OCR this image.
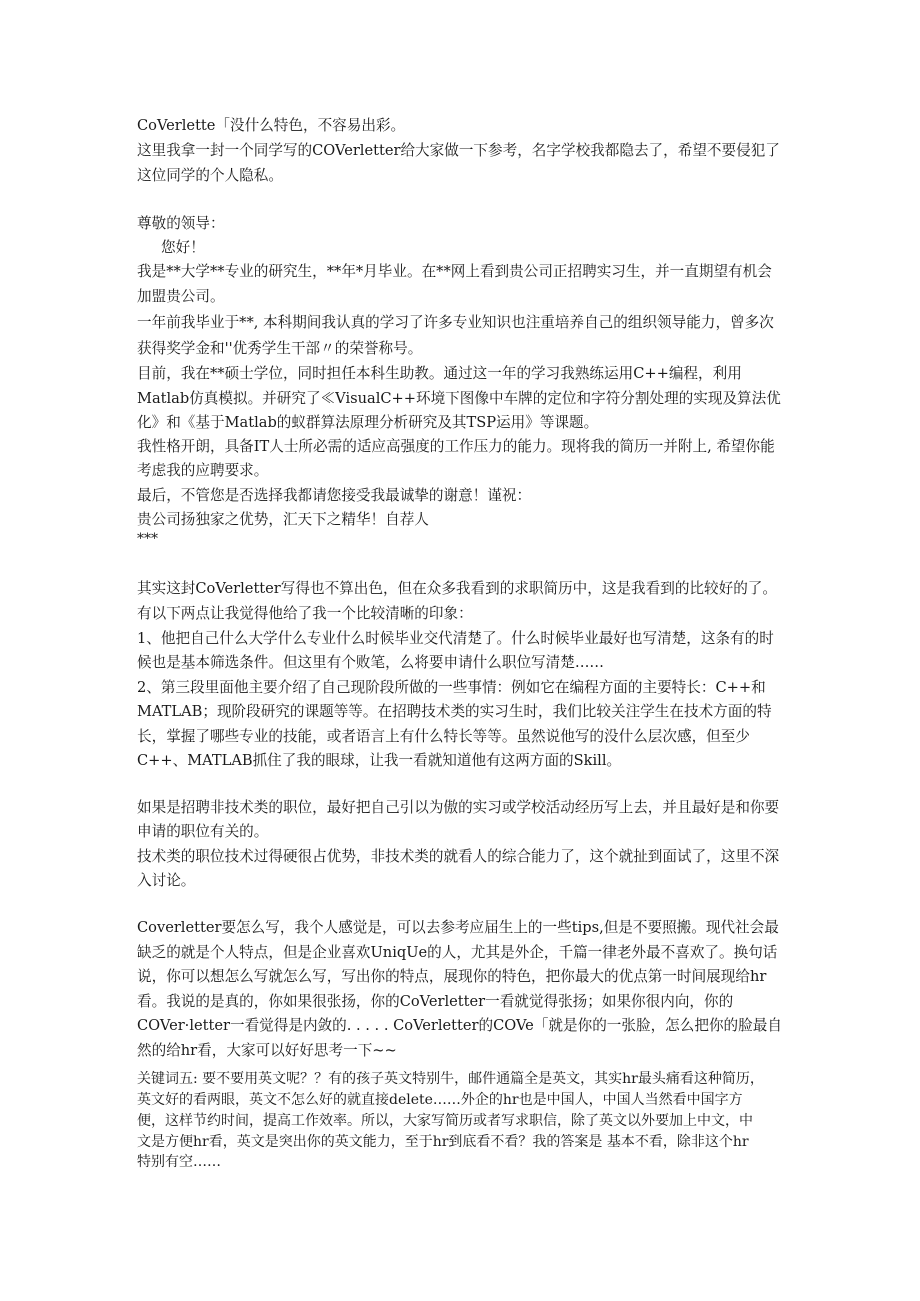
CoVerlette「没什么特色，不容易出彩。
这里我拿一封一个同学写的COVerletter给大家做一下参考，名字学校我都隐去了，希望不要侵犯了
这位同学的个人隐私。
尊敬的领导：
您好！
我是**大学**专业的研究生，**年*月毕业。在**网上看到贵公司正招聘实习生，并一直期望有机会
加盟贵公司。
一年前我毕业于**, 本科期间我认真的学习了许多专业知识也注重培养自己的组织领导能力，曾多次
获得奖学金和''优秀学生干部〃的荣誉称号。
目前，我在**硕士学位，同时担任本科生助教。通过这一年的学习我熟练运用C++编程，利用
Matlab仿真模拟。并研究了≪VisualC++环境下图像中车牌的定位和字符分割处理的实现及算法优
化》和《基于Matlab的蚁群算法原理分析研究及其TSP运用》等课题。
我性格开朗，具备IT人士所必需的适应高强度的工作压力的能力。现将我的简历一并附上, 希望你能
考虑我的应聘要求。
最后，不管您是否选择我都请您接受我最诚挚的谢意！谨祝：
贵公司扬独家之优势，汇天下之精华！自荐人
***
其实这封CoVerletter写得也不算出色，但在众多我看到的求职简历中，这是我看到的比较好的了。
有以下两点让我觉得他给了我一个比较清晰的印象：
1、他把自己什么大学什么专业什么时候毕业交代清楚了。什么时候毕业最好也写清楚，这条有的时
候也是基本筛选条件。但这里有个败笔，么将要申请什么职位写清楚……
2、第三段里面他主要介绍了自己现阶段所做的一些事情：例如它在编程方面的主要特长：C++和
MATLAB；现阶段研究的课题等等。在招聘技术类的实习生时，我们比较关注学生在技术方面的特
长，掌握了哪些专业的技能，或者语言上有什么特长等等。虽然说他写的没什么层次感，但至少
C++、MATLAB抓住了我的眼球，让我一看就知道他有这两方面的Skill。
如果是招聘非技术类的职位，最好把自己引以为傲的实习或学校活动经历写上去，并且最好是和你要
申请的职位有关的。
技术类的职位技术过得硬很占优势，非技术类的就看人的综合能力了，这个就扯到面试了，这里不深
入讨论。
Coverletter要怎么写，我个人感觉是，可以去参考应届生上的一些tips,但是不要照搬。现代社会最
缺乏的就是个人特点，但是企业喜欢UniqUe的人，尤其是外企，千篇一律老外最不喜欢了。换句话
说，你可以想怎么写就怎么写，写出你的特点，展现你的特色，把你最大的优点第一时间展现给hr
看。我说的是真的，你如果很张扬，你的CoVerletter一看就觉得张扬；如果你很内向，你的
COVer·letter一看觉得是内敛的. . . . . CoVerletter的COVe「就是你的一张脸，怎么把你的脸最自
然的给hr看，大家可以好好思考一下~~
关键词五: 要不要用英文呢？？有的孩子英文特别牛，邮件通篇全是英文，其实hr最头痛看这种简历，
英文好的看两眼，英文不怎么好的就直接delete……外企的hr也是中国人，中国人当然看中国字方
便，这样节约时间，提高工作效率。所以，大家写简历或者写求职信，除了英文以外要加上中文，中
文是方便hr看，英文是突出你的英文能力，至于hr到底看不看？我的答案是 基本不看，除非这个hr
特别有空……
